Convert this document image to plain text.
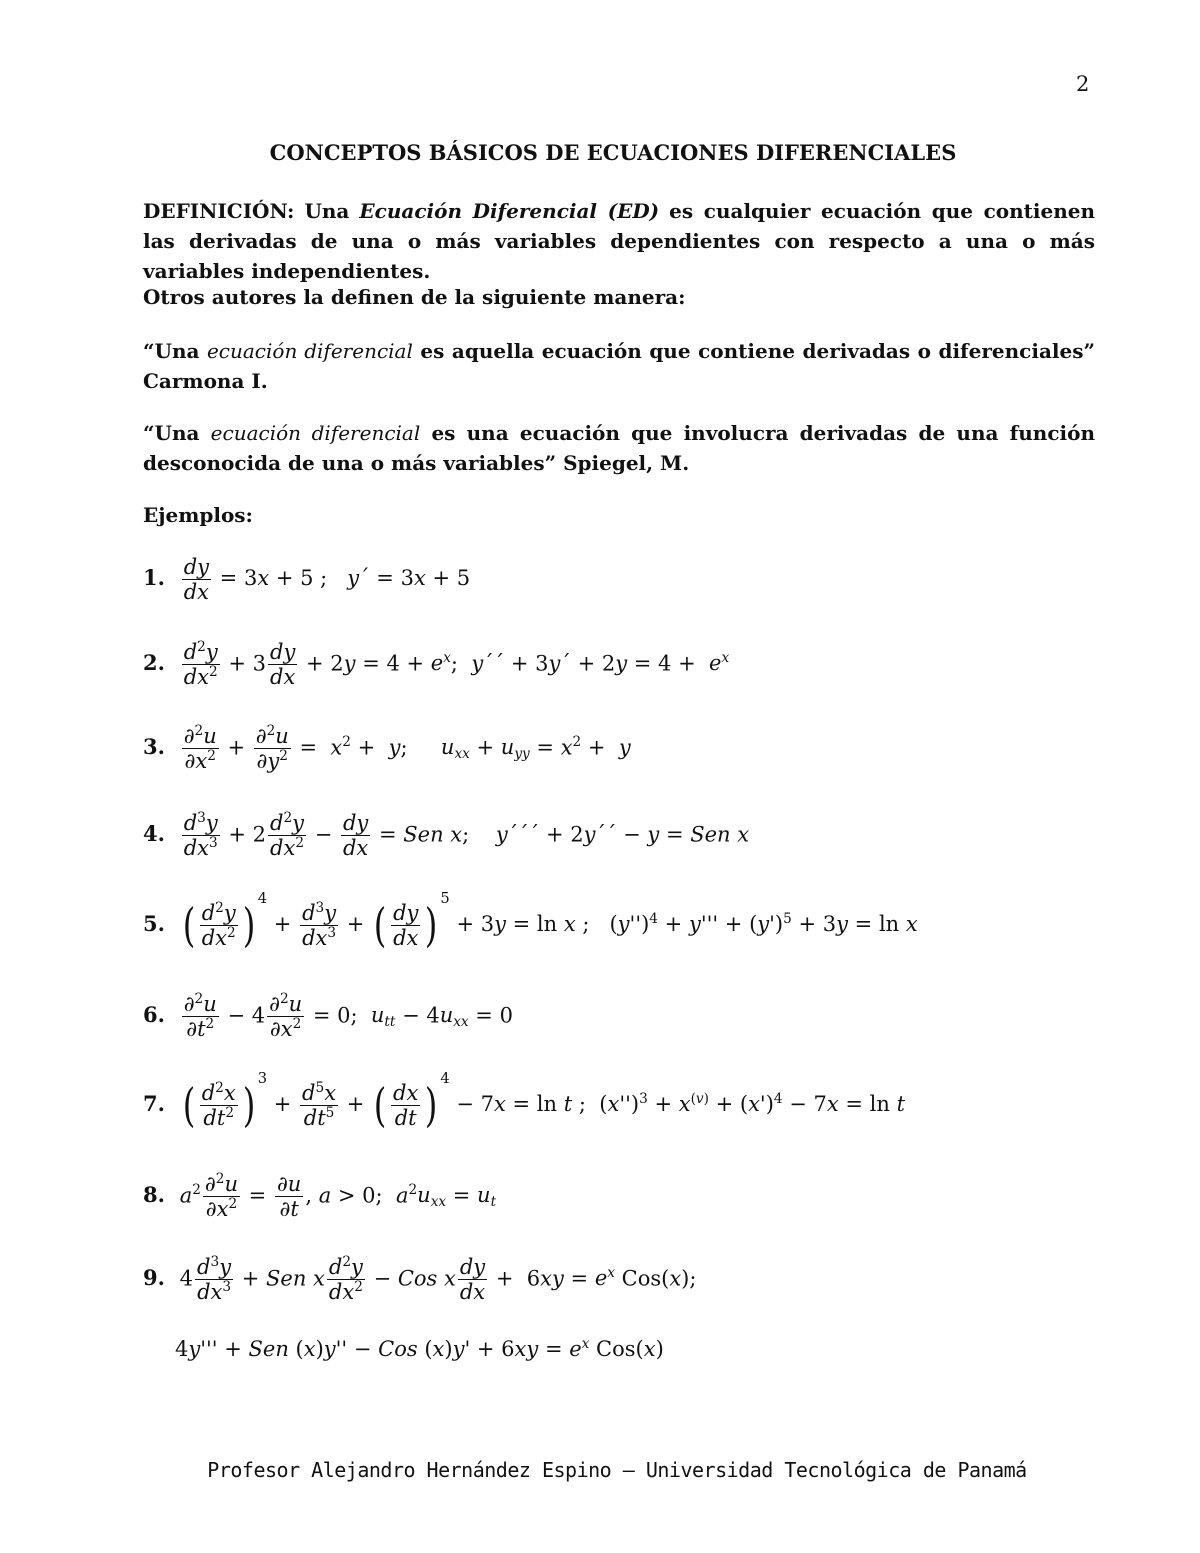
2
CONCEPTOS BÁSICOS DE ECUACIONES DIFERENCIALES
DEFINICIÓN: Una Ecuación Diferencial (ED) es cualquier ecuación que contienen las derivadas de una o más variables dependientes con respecto a una o más variables independientes.
Otros autores la definen de la siguiente manera:
“Una ecuación diferencial es aquella ecuación que contiene derivadas o diferenciales” Carmona I.
“Una ecuación diferencial es una ecuación que involucra derivadas de una función desconocida de una o más variables” Spiegel, M.
Ejemplos:
1. $\frac{dy}{dx} = 3x + 5$ ;   y´ = 3x + 5
2. $\frac{d^2y}{dx^2} + 3 \frac{dy}{dx} + 2y = 4 + e^x$;  y´´ + 3y´ + $2y = 4 + e^x$
3. $\frac{\partial^2u}{\partial x^2} + \frac{\partial^2u}{\partial y^2} = x^2 + y$;     $u_{xx} + u_{yy} = x^2 + y$
4. $\frac{d^3y}{dx^3} + 2 \frac{d^2y}{dx^2} - \frac{dy}{dx}$ = Sen x;    y´´´ + 2y´´ − y = Sen x
5. ( $\frac{d^2y}{dx^2}$ ) $^4 + \frac{d^3y}{dx^3}$ + ( $\frac{dy}{dx}$ ) $^5$ + 3y = ln x ;   $(y'')^4 + y''' + (y')^5 + 3y = \ln x$
6. $\frac{\partial^2u}{\partial t^2} - 4 \frac{\partial^2u}{\partial x^2} = 0$;  $u_{tt} - 4u_{xx} = 0$
7. ( $\frac{d^2x}{dt^2}$ ) $^3 + \frac{d^5x}{dt^5}$ + ( $\frac{dx}{dt}$ ) $^4$ − 7x = ln t ;  $(x'')^3 + x^{(v)} + (x')^4 - 7x = \ln t$
8. $a^2 \frac{\partial^2u}{\partial x^2} = \frac{\partial u}{\partial t}$ , a > 0;  $a^2u_{xx} = u_t$
9. $4 \frac{d^3y}{dx^3}$ + Sen x $\frac{d^2y}{dx^2}$ − Cos x $\frac{dy}{dx} + 6xy = e^x$ Cos(x);
4y''' + Sen (x)y'' − Cos $(x)y' + 6xy = e^x$ Cos(x)
Profesor Alejandro Hernández Espino – Universidad Tecnológica de Panamá
